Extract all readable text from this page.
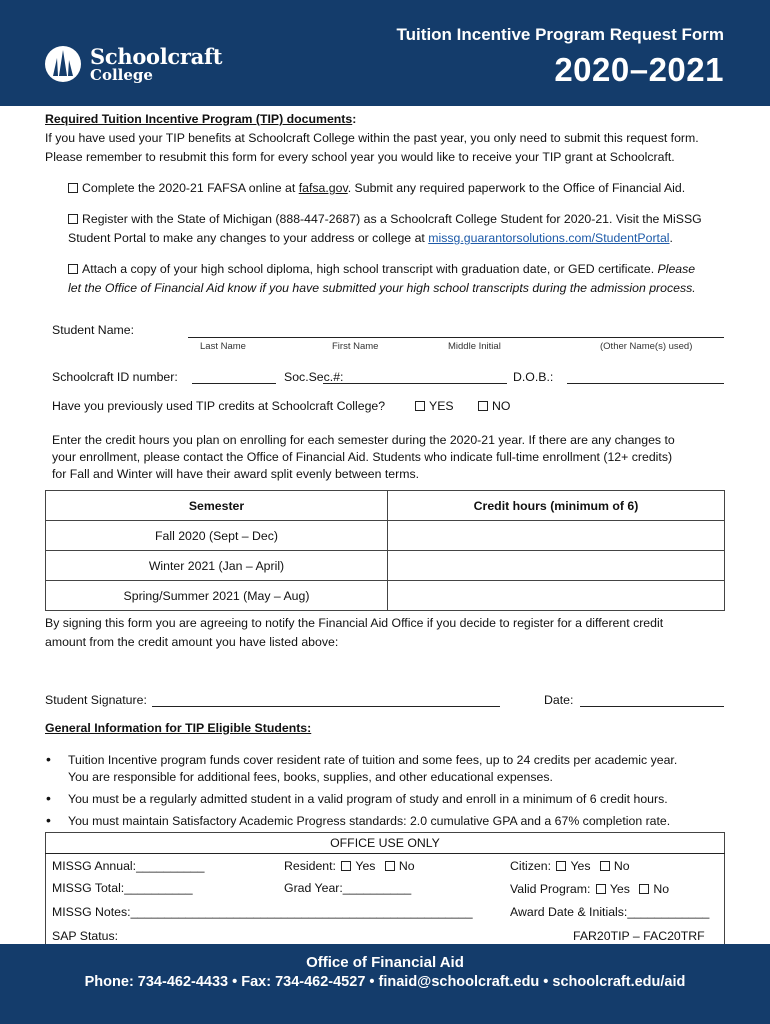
Schoolcraft
College
Tuition Incentive Program Request Form
2020–2021
Required Tuition Incentive Program (TIP) documents:
If you have used your TIP benefits at Schoolcraft College within the past year, you only need to submit this request form.
Please remember to resubmit this form for every school year you would like to receive your TIP grant at Schoolcraft.
Complete the 2020-21 FAFSA online at fafsa.gov. Submit any required paperwork to the Office of Financial Aid.
Register with the State of Michigan (888-447-2687) as a Schoolcraft College Student for 2020-21. Visit the MiSSG
Student Portal to make any changes to your address or college at missg.guarantorsolutions.com/StudentPortal.
Attach a copy of your high school diploma, high school transcript with graduation date, or GED certificate. Please
let the Office of Financial Aid know if you have submitted your high school transcripts during the admission process.
Student Name:
Last Name	First Name	Middle Initial	(Other Name(s) used)
Schoolcraft ID number:	Soc.Sec.#:	D.O.B.:
Have you previously used TIP credits at Schoolcraft College?	YES	NO
Enter the credit hours you plan on enrolling for each semester during the 2020-21 year. If there are any changes to
your enrollment, please contact the Office of Financial Aid. Students who indicate full-time enrollment (12+ credits)
for Fall and Winter will have their award split evenly between terms.
Semester	Credit hours (minimum of 6)
Fall 2020 (Sept – Dec)	
Winter 2021 (Jan – April)	
Spring/Summer 2021 (May – Aug)	
By signing this form you are agreeing to notify the Financial Aid Office if you decide to register for a different credit
amount from the credit amount you have listed above:
Student Signature:	Date:
General Information for TIP Eligible Students:
• Tuition Incentive program funds cover resident rate of tuition and some fees, up to 24 credits per academic year.
You are responsible for additional fees, books, supplies, and other educational expenses.
• You must be a regularly admitted student in a valid program of study and enroll in a minimum of 6 credit hours.
• You must maintain Satisfactory Academic Progress standards: 2.0 cumulative GPA and a 67% completion rate.
OFFICE USE ONLY
MISSG Annual:__________	Resident: Yes No	Citizen: Yes No
MISSG Total:__________	Grad Year:__________	Valid Program: Yes No
MISSG Notes:__________________________________________________	Award Date & Initials:____________
SAP Status:	FAR20TIP – FAC20TRF
Office of Financial Aid
Phone: 734-462-4433 • Fax: 734-462-4527 • finaid@schoolcraft.edu • schoolcraft.edu/aid
